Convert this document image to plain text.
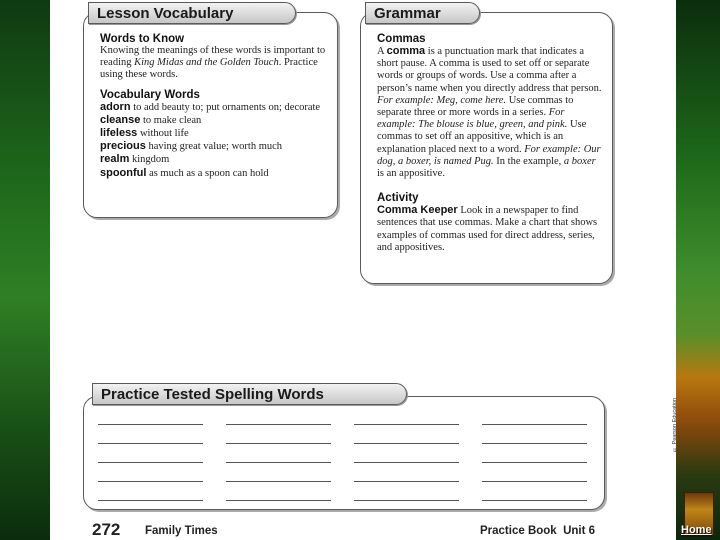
Lesson Vocabulary
Words to Know
Knowing the meanings of these words is important to reading King Midas and the Golden Touch. Practice using these words.
Vocabulary Words
adorn to add beauty to; put ornaments on; decorate
cleanse to make clean
lifeless without life
precious having great value; worth much
realm kingdom
spoonful as much as a spoon can hold
Grammar
Commas
A comma is a punctuation mark that indicates a short pause. A comma is used to set off or separate words or groups of words. Use a comma after a person’s name when you directly address that person. For example: Meg, come here. Use commas to separate three or more words in a series. For example: The blouse is blue, green, and pink. Use commas to set off an appositive, which is an explanation placed next to a word. For example: Our dog, a boxer, is named Pug. In the example, a boxer is an appositive.
Activity
Comma Keeper Look in a newspaper to find sentences that use commas. Make a chart that shows examples of commas used for direct address, series, and appositives.
Practice Tested Spelling Words
© Pearson Education
272 Family Times	Practice Book  Unit 6	Home
